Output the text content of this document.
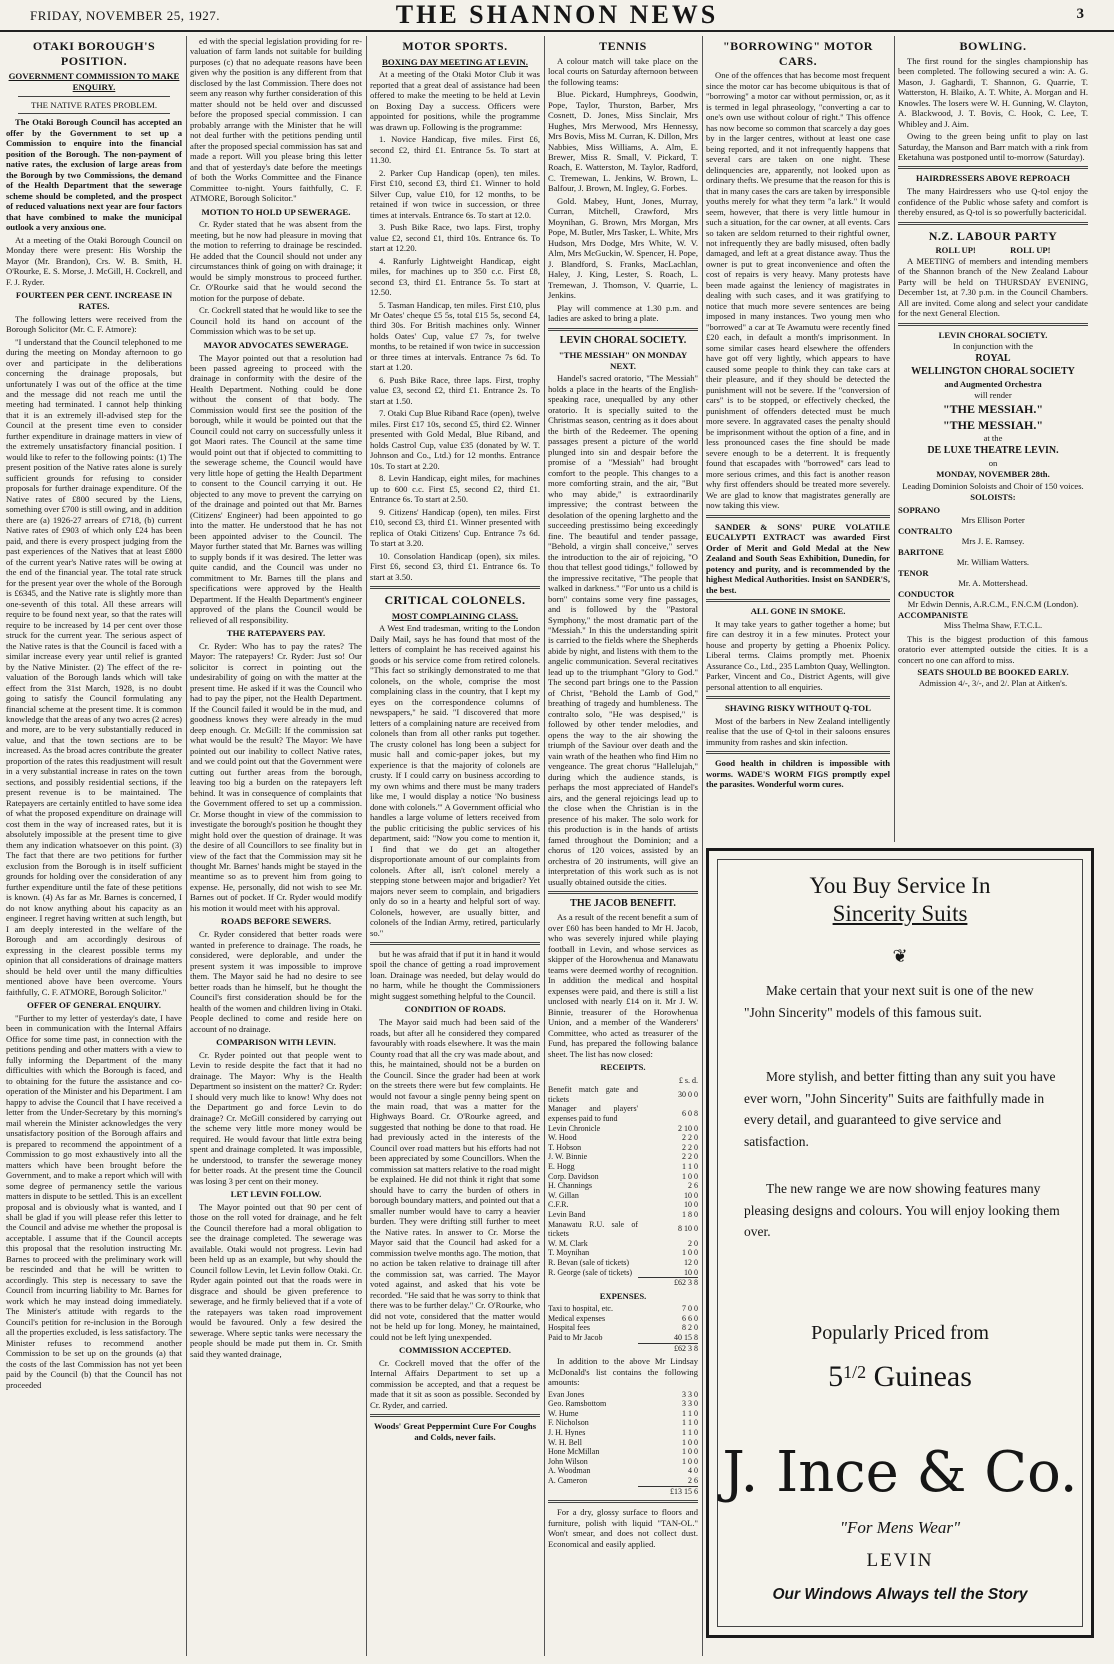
FRIDAY, NOVEMBER 25, 1927.	THE SHANNON NEWS	3
OTAKI BOROUGH'S POSITION.
GOVERNMENT COMMISSION TO MAKE ENQUIRY.
THE NATIVE RATES PROBLEM.

The Otaki Borough Council has accepted an offer by the Government to set up a Commission to enquire into the financial position of the Borough. The non-payment of native rates, the exclusion of large areas from the Borough by two Commissions, the demand of the Health Department that the sewerage scheme should be completed, and the prospect of reduced valuations next year are four factors that have combined to make the municipal outlook a very anxious one.

At a meeting of the Otaki Borough Council on Monday there were present: His Worship the Mayor (Mr. Brandon), Crs. W. B. Smith, H. O'Rourke, E. S. Morse, J. McGill, H. Cockrell, and F. J. Ryder.

FOURTEEN PER CENT. INCREASE IN RATES.

The following letters were received from the Borough Solicitor (Mr. C. F. Atmore):

"I understand that the Council telephoned to me during the meeting on Monday afternoon to go over and participate in the deliberations concerning the drainage proposals, but unfortunately I was out of the office at the time and the message did not reach me until the meeting had terminated. I cannot help thinking that it is an extremely ill-advised step for the Council at the present time even to consider further expenditure in drainage matters in view of the extremely unsatisfactory financial position. I would like to refer to the following points: (1) The present position of the Native rates alone is surely sufficient grounds for refusing to consider proposals for further drainage expenditure. Of the Native rates of £800 secured by the Liens, something over £700 is still owing, and in addition there are (a) 1926-27 arrears of £718, (b) current Native rates of £903 of which only £24 has been paid, and there is every prospect judging from the past experiences of the Natives that at least £800 of the current year's Native rates will be owing at the end of the financial year. The total rate struck for the present year over the whole of the Borough is £6345, and the Native rate is slightly more than one-seventh of this total. All these arrears will require to be found next year, so that the rates will require to be increased by 14 per cent over those struck for the current year. The serious aspect of the Native rates is that the Council is faced with a similar increase every year until relief is granted by the Native Minister. (2) The effect of the re-valuation of the Borough lands which will take effect from the 31st March, 1928, is no doubt going to satisfy the Council formulating any financial scheme at the present time. It is common knowledge that the areas of any two acres (2 acres) and more, are to be very substantially reduced in value, and that the town sections are to be increased. As the broad acres contribute the greater proportion of the rates this readjustment will result in a very substantial increase in rates on the town sections, and possibly residential sections, if the present revenue is to be maintained. The Ratepayers are certainly entitled to have some idea of what the proposed expenditure on drainage will cost them in the way of increased rates, but it is absolutely impossible at the present time to give them any indication whatsoever on this point. (3) The fact that there are two petitions for further exclusion from the Borough is in itself sufficient grounds for holding over the consideration of any further expenditure until the fate of these petitions is known. (4) As far as Mr. Barnes is concerned, I do not know anything about his capacity as an engineer. I regret having written at such length, but I am deeply interested in the welfare of the Borough and am accordingly desirous of expressing in the clearest possible terms my opinion that all considerations of drainage matters should be held over until the many difficulties mentioned above have been overcome. Yours faithfully, C. F. ATMORE, Borough Solicitor."

OFFER OF GENERAL ENQUIRY.

"Further to my letter of yesterday's date, I have been in communication with the Internal Affairs Office for some time past, in connection with the petitions pending and other matters with a view to fully informing the Department of the many difficulties with which the Borough is faced, and to obtaining for the future the assistance and co-operation of the Minister and his Department. I am happy to advise the Council that I have received a letter from the Under-Secretary by this morning's mail wherein the Minister acknowledges the very unsatisfactory position of the Borough affairs and is prepared to recommend the appointment of a Commission to go most exhaustively into all the matters which have been brought before the Government, and to make a report which will with some degree of permanency settle the various matters in dispute to be settled. This is an excellent proposal and is obviously what is wanted, and I shall be glad if you will please refer this letter to the Council and advise me whether the proposal is acceptable. I assume that if the Council accepts this proposal that the resolution instructing Mr. Barnes to proceed with the preliminary work will be rescinded and that he will be written to accordingly. This step is necessary to save the Council from incurring liability to Mr. Barnes for work which he may instead doing immediately. The Minister's attitude with regards to the Council's petition for re-inclusion in the Borough all the properties excluded, is less satisfactory. The Minister refuses to recommend another Commission to be set up on the grounds (a) that the costs of the last Commission has not yet been paid by the Council (b) that the Council has not proceeded

ed with the special legislation providing for re-valuation of farm lands not suitable for building purposes (c) that no adequate reasons have been given why the position is any different from that disclosed by the last Commission. There does not seem any reason why further consideration of this matter should not be held over and discussed before the proposed special commission. I can probably arrange with the Minister that he will not deal further with the petitions pending until after the proposed special commission has sat and made a report. Will you please bring this letter and that of yesterday's date before the meetings of both the Works Committee and the Finance Committee to-night. Yours faithfully, C. F. ATMORE, Borough Solicitor."

MOTION TO HOLD UP SEWERAGE.

Cr. Ryder stated that he was absent from the meeting, but he now had pleasure in moving that the motion to referring to drainage be rescinded. He added that the Council should not under any circumstances think of going on with drainage; it would be simply monstrous to proceed further. Cr. O'Rourke said that he would second the motion for the purpose of debate.

Cr. Cockrell stated that he would like to see the Council hold its hand on account of the Commission which was to be set up.

MAYOR ADVOCATES SEWERAGE.

The Mayor pointed out that a resolution had been passed agreeing to proceed with the drainage in conformity with the desire of the Health Department. Nothing could be done without the consent of that body. The Commission would first see the position of the borough, while it would be pointed out that the Council could not carry on successfully unless it got Maori rates. The Council at the same time would point out that if objected to committing to the sewerage scheme, the Council would have very little hope of getting the Health Department to consent to the Council carrying it out. He objected to any move to prevent the carrying on of the drainage and pointed out that Mr. Barnes (Citizens' Engineer) had been appointed to go into the matter. He understood that he has not been appointed adviser to the Council. The Mayor further stated that Mr. Barnes was willing to supply bonds if it was desired. The letter was quite candid, and the Council was under no commitment to Mr. Barnes till the plans and specifications were approved by the Health Department. If the Health Department's engineer approved of the plans the Council would be relieved of all responsibility.

THE RATEPAYERS PAY.

Cr. Ryder: Who has to pay the rates? The Mayor: The ratepayers! Cr. Ryder: Just so! Our solicitor is correct in pointing out the undesirability of going on with the matter at the present time. He asked if it was the Council who had to pay the piper, not the Health Department. If the Council failed it would be in the mud, and goodness knows they were already in the mud deep enough. Cr. McGill: If the commission sat what would be the result? The Mayor: We have pointed out our inability to collect Native rates, and we could point out that the Government were cutting out further areas from the borough, leaving too big a burden on the ratepayers left behind. It was in consequence of complaints that the Government offered to set up a commission. Cr. Morse thought in view of the commission to investigate the borough's position he thought they might hold over the question of drainage. It was the desire of all Councillors to see finality but in view of the fact that the Commission may sit he thought Mr. Barnes' hands might be stayed in the meantime so as to prevent him from going to expense. He, personally, did not wish to see Mr. Barnes out of pocket. If Cr. Ryder would modify his motion it would meet with his approval.

ROADS BEFORE SEWERS.

Cr. Ryder considered that better roads were wanted in preference to drainage. The roads, he considered, were deplorable, and under the present system it was impossible to improve them. The Mayor said he had no desire to see better roads than he himself, but he thought the Council's first consideration should be for the health of the women and children living in Otaki. People declined to come and reside here on account of no drainage.

COMPARISON WITH LEVIN.

Cr. Ryder pointed out that people went to Levin to reside despite the fact that it had no drainage. The Mayor: Why is the Health Department so insistent on the matter? Cr. Ryder: I should very much like to know! Why does not the Department go and force Levin to do drainage? Cr. McGill considered by carrying out the scheme very little more money would be required. He would favour that little extra being spent and drainage completed. It was impossible, he understood, to transfer the sewerage money for better roads. At the present time the Council was losing 3 per cent on their money.

LET LEVIN FOLLOW.

The Mayor pointed out that 90 per cent of those on the roll voted for drainage, and he felt the Council therefore had a moral obligation to see the drainage completed. The sewerage was available. Otaki would not progress. Levin had been held up as an example, but why should the Council follow Levin, let Levin follow Otaki. Cr. Ryder again pointed out that the roads were in disgrace and should be given preference to sewerage, and he firmly believed that if a vote of the ratepayers was taken road improvement would be favoured. Only a few desired the sewerage. Where septic tanks were necessary the people should be made put them in. Cr. Smith said they wanted drainage,

MOTOR SPORTS.
BOXING DAY MEETING AT LEVIN.

At a meeting of the Otaki Motor Club it was reported that a great deal of assistance had been offered to make the meeting to be held at Levin on Boxing Day a success. Officers were appointed for positions, while the programme was drawn up. Following is the programme:

1. Novice Handicap, five miles. First £6, second £2, third £1. Entrance 5s. To start at 11.30.

2. Parker Cup Handicap (open), ten miles. First £10, second £3, third £1. Winner to hold Silver Cup, value £10, for 12 months, to be retained if won twice in succession, or three times at intervals. Entrance 6s. To start at 12.0.

3. Push Bike Race, two laps. First, trophy value £2, second £1, third 10s. Entrance 6s. To start at 12.20.

4. Ranfurly Lightweight Handicap, eight miles, for machines up to 350 c.c. First £8, second £3, third £1. Entrance 5s. To start at 12.50.

5. Tasman Handicap, ten miles. First £10, plus Mr Oates' cheque £5 5s, total £15 5s, second £4, third 30s. For British machines only. Winner holds Oates' Cup, value £7 7s, for twelve months, to be retained if won twice in succession or three times at intervals. Entrance 7s 6d. To start at 1.20.

6. Push Bike Race, three laps. First, trophy value £3, second £2, third £1. Entrance 2s. To start at 1.50.

7. Otaki Cup Blue Riband Race (open), twelve miles. First £17 10s, second £5, third £2. Winner presented with Gold Medal, Blue Riband, and holds Castrol Cup, value £35 (donated by W. T. Johnson and Co., Ltd.) for 12 months. Entrance 10s. To start at 2.20.

8. Levin Handicap, eight miles, for machines up to 600 c.c. First £5, second £2, third £1. Entrance 6s. To start at 2.50.

9. Citizens' Handicap (open), ten miles. First £10, second £3, third £1. Winner presented with replica of Otaki Citizens' Cup. Entrance 7s 6d. To start at 3.20.

10. Consolation Handicap (open), six miles. First £6, second £3, third £1. Entrance 6s. To start at 3.50.

CRITICAL COLONELS.
MOST COMPLAINING CLASS.

A West End tradesman, writing to the London Daily Mail, says he has found that most of the letters of complaint he has received against his goods or his service come from retired colonels. "This fact so strikingly demonstrated to me that colonels, on the whole, comprise the most complaining class in the country, that I kept my eyes on the correspondence columns of newspapers," he said. "I discovered that more letters of a complaining nature are received from colonels than from all other ranks put together. The crusty colonel has long been a subject for music hall and comic-paper jokes, but my experience is that the majority of colonels are crusty. If I could carry on business according to my own whims and there must be many traders like me, I would display a notice 'No business done with colonels.'" A Government official who handles a large volume of letters received from the public criticising the public services of his department, said: "Now you come to mention it, I find that we do get an altogether disproportionate amount of our complaints from colonels. After all, isn't colonel merely a stepping stone between major and brigadier? Yet majors never seem to complain, and brigadiers only do so in a hearty and helpful sort of way. Colonels, however, are usually bitter, and colonels of the Indian Army, retired, particularly so."

but he was afraid that if put it in hand it would spoil the chance of getting a road improvement loan. Drainage was needed, but delay would do no harm, while he thought the Commissioners might suggest something helpful to the Council.

CONDITION OF ROADS.

The Mayor said much had been said of the roads, but after all he considered they compared favourably with roads elsewhere. It was the main County road that all the cry was made about, and this, he maintained, should not be a burden on the Council. Since the grader had been at work on the streets there were but few complaints. He would not favour a single penny being spent on the main road, that was a matter for the Highways Board. Cr. O'Rourke agreed, and suggested that nothing be done to that road. He had previously acted in the interests of the Council over road matters but his efforts had not been appreciated by some Councillors. When the commission sat matters relative to the road might be explained. He did not think it right that some should have to carry the burden of others in borough boundary matters, and pointed out that a smaller number would have to carry a heavier burden. They were drifting still further to meet the Native rates. In answer to Cr. Morse the Mayor said that the Council had asked for a commission twelve months ago. The motion, that no action be taken relative to drainage till after the commission sat, was carried. The Mayor voted against, and asked that his vote be recorded. "He said that he was sorry to think that there was to be further delay." Cr. O'Rourke, who did not vote, considered that the matter would not be held up for long. Money, he maintained, could not be left lying unexpended.

COMMISSION ACCEPTED.

Cr. Cockrell moved that the offer of the Internal Affairs Department to set up a commission be accepted, and that a request be made that it sit as soon as possible. Seconded by Cr. Ryder, and carried.

Woods' Great Peppermint Cure For Coughs and Colds, never fails.

TENNIS

A colour match will take place on the local courts on Saturday afternoon between the following teams:

Blue. Pickard, Humphreys, Goodwin, Pope, Taylor, Thurston, Barber, Mrs Cosnett, D. Jones, Miss Sinclair, Mrs Hughes, Mrs Merwood, Mrs Hennessy, Mrs Bovis, Miss M. Curran, K. Dillon, Mrs Nabbies, Miss Williams, A. Alm, E. Brewer, Miss R. Small, V. Pickard, T. Roach, E. Watterston, M. Taylor, Radford, C. Tremewan, L. Jenkins, W. Brown, L. Balfour, J. Brown, M. Ingley, G. Forbes.

Gold. Mabey, Hunt, Jones, Murray, Curran, Mitchell, Crawford, Mrs Moynihan, G. Brown, Mrs Morgan, Mrs Pope, M. Butler, Mrs Tasker, L. White, Mrs Hudson, Mrs Dodge, Mrs White, W. V. Alm, Mrs McGuckin, W. Spencer, H. Pope, J. Blandford, S. Franks, MacLachlan, Haley, J. King, Lester, S. Roach, L. Tremewan, J. Thomson, V. Quarrie, L. Jenkins.

Play will commence at 1.30 p.m. and ladies are asked to bring a plate.

LEVIN CHORAL SOCIETY.
"THE MESSIAH" ON MONDAY NEXT.

Handel's sacred oratorio, "The Messiah" holds a place in the hearts of the English-speaking race, unequalled by any other oratorio. It is specially suited to the Christmas season, centring as it does about the birth of the Redeemer. The opening passages present a picture of the world plunged into sin and despair before the promise of a "Messiah" had brought comfort to the people. This changes to a more comforting strain, and the air, "But who may abide," is extraordinarily impressive; the contrast between the desolation of the opening larghetto and the succeeding prestissimo being exceedingly fine. The beautiful and tender passage, "Behold, a virgin shall conceive," serves the introduction to the air of rejoicing, "O thou that tellest good tidings," followed by the impressive recitative, "The people that walked in darkness." "For unto us a child is born" contains some very fine passages, and is followed by the "Pastoral Symphony," the most dramatic part of the "Messiah." In this the understanding spirit is carried to the fields where the Shepherds abide by night, and listens with them to the angelic communication. Several recitatives lead up to the triumphant "Glory to God." The second part brings one to the Passion of Christ, "Behold the Lamb of God," breathing of tragedy and humbleness. The contralto solo, "He was despised," is followed by other tender melodies, and opens the way to the air showing the triumph of the Saviour over death and the vain wrath of the heathen who find Him no vengeance. The great chorus "Hallelujah," during which the audience stands, is perhaps the most appreciated of Handel's airs, and the general rejoicings lead up to the close when the Christian is in the presence of his maker. The solo work for this production is in the hands of artists famed throughout the Dominion; and a chorus of 120 voices, assisted by an orchestra of 20 instruments, will give an interpretation of this work such as is not usually obtained outside the cities.

THE JACOB BENEFIT.

As a result of the recent benefit a sum of over £60 has been handed to Mr H. Jacob, who was severely injured while playing football in Levin, and whose services as skipper of the Horowhenua and Manawatu teams were deemed worthy of recognition. In addition the medical and hospital expenses were paid, and there is still a list unclosed with nearly £14 on it. Mr J. W. Binnie, treasurer of the Horowhenua Union, and a member of the Wanderers' Committee, who acted as treasurer of the Fund, has prepared the following balance sheet. The list has now closed:

RECEIPTS.
£ s. d.
Benefit match gate and tickets	30 0 0
Manager and players' expenses paid to fund	6 0 8
Levin Chronicle	2 10 0
W. Hood	2 2 0
T. Hobson	2 2 0
J. W. Binnie	2 2 0
E. Hogg	1 1 0
Corp. Davidson	1 0 0
H. Channings	2 6
W. Gillan	10 0
C.F.R.	10 0
Levin Band	1 8 0
Manawatu R.U. sale of tickets	8 10 0
W. M. Clark	2 0
T. Moynihan	1 0 0
R. Bevan (sale of tickets)	12 0
R. George (sale of tickets)	10 0
	£62 3 8
EXPENSES.
Taxi to hospital, etc.	7 0 0
Medical expenses	6 6 0
Hospital fees	8 2 0
Paid to Mr Jacob	40 15 8
	£62 3 8

In addition to the above Mr Lindsay McDonald's list contains the following amounts:

Evan Jones	3 3 0
Geo. Ramsbottom	3 3 0
W. Hume	1 1 0
F. Nicholson	1 1 0
J. H. Hynes	1 1 0
W. H. Bell	1 0 0
Hone McMillan	1 0 0
John Wilson	1 0 0
A. Woodman	4 0
A. Cameron	2 6
	£13 15 6

For a dry, glossy surface to floors and furniture, polish with liquid "TAN-OL." Won't smear, and does not collect dust. Economical and easily applied.

"BORROWING" MOTOR CARS.

One of the offences that has become most frequent since the motor car has become ubiquitous is that of "borrowing" a motor car without permission, or, as it is termed in legal phraseology, "converting a car to one's own use without colour of right." This offence has now become so common that scarcely a day goes by in the larger centres, without at least one case being reported, and it not infrequently happens that several cars are taken on one night. These delinquencies are, apparently, not looked upon as ordinary thefts. We presume that the reason for this is that in many cases the cars are taken by irresponsible youths merely for what they term "a lark." It would seem, however, that there is very little humour in such a situation, for the car owner, at all events. Cars so taken are seldom returned to their rightful owner, not infrequently they are badly misused, often badly damaged, and left at a great distance away. Thus the owner is put to great inconvenience and often the cost of repairs is very heavy. Many protests have been made against the leniency of magistrates in dealing with such cases, and it was gratifying to notice that much more severe sentences are being imposed in many instances. Two young men who "borrowed" a car at Te Awamutu were recently fined £20 each, in default a month's imprisonment. In some similar cases heard elsewhere the offenders have got off very lightly, which appears to have caused some people to think they can take cars at their pleasure, and if they should be detected the punishment will not be severe. If the "conversion of cars" is to be stopped, or effectively checked, the punishment of offenders detected must be much more severe. In aggravated cases the penalty should be imprisonment without the option of a fine, and in less pronounced cases the fine should be made severe enough to be a deterrent. It is frequently found that escapades with "borrowed" cars lead to more serious crimes, and this fact is another reason why first offenders should be treated more severely. We are glad to know that magistrates generally are now taking this view.

SANDER & SONS' PURE VOLATILE EUCALYPTI EXTRACT was awarded First Order of Merit and Gold Medal at the New Zealand and South Seas Exhibition, Dunedin, for potency and purity, and is recommended by the highest Medical Authorities. Insist on SANDER'S, the best.

ALL GONE IN SMOKE.

It may take years to gather together a home; but fire can destroy it in a few minutes. Protect your house and property by getting a Phoenix Policy. Liberal terms. Claims promptly met. Phoenix Assurance Co., Ltd., 235 Lambton Quay, Wellington. Parker, Vincent and Co., District Agents, will give personal attention to all enquiries.

SHAVING RISKY WITHOUT Q-TOL

Most of the barbers in New Zealand intelligently realise that the use of Q-tol in their saloons ensures immunity from rashes and skin infection.

Good health in children is impossible with worms. WADE'S WORM FIGS promptly expel the parasites. Wonderful worm cures.

BOWLING.

The first round for the singles championship has been completed. The following secured a win: A. G. Mason, J. Gaghardi, T. Shannon, G. Quarrie, T. Watterston, H. Blaiko, A. T. White, A. Morgan and H. Knowles. The losers were W. H. Gunning, W. Clayton, A. Blackwood, J. T. Bovis, C. Hook, C. Lee, T. Whibley and J. Aim.

Owing to the green being unfit to play on last Saturday, the Manson and Barr match with a rink from Eketahuna was postponed until to-morrow (Saturday).

HAIRDRESSERS ABOVE REPROACH

The many Hairdressers who use Q-tol enjoy the confidence of the Public whose safety and comfort is thereby ensured, as Q-tol is so powerfully bactericidal.

N.Z. LABOUR PARTY
ROLL UP!                ROLL UP!

A MEETING of members and intending members of the Shannon branch of the New Zealand Labour Party will be held on THURSDAY EVENING, December 1st, at 7.30 p.m. in the Council Chambers. All are invited. Come along and select your candidate for the next General Election.

LEVIN CHORAL SOCIETY.
In conjunction with the
ROYAL
WELLINGTON CHORAL SOCIETY
and Augmented Orchestra
will render
"THE MESSIAH."
"THE MESSIAH."
at the
DE LUXE THEATRE LEVIN.
on
MONDAY, NOVEMBER 28th.
Leading Dominion Soloists and Choir of 150 voices.
SOLOISTS:
SOPRANO
Mrs Ellison Porter
CONTRALTO
Mrs J. E. Ramsey.
BARITONE
Mr. William Watters.
TENOR
Mr. A. Mottershead.
CONDUCTOR
Mr Edwin Dennis, A.R.C.M., F.N.C.M (London).
ACCOMPANISTE
Miss Thelma Shaw, F.T.C.L.

This is the biggest production of this famous oratorio ever attempted outside the cities. It is a concert no one can afford to miss.

SEATS SHOULD BE BOOKED EARLY.
Admission 4/-, 3/-, and 2/. Plan at Aitken's.
You Buy Service In
Sincerity Suits
❦
Make certain that your next suit is one of the new "John Sincerity" models of this famous suit.
More stylish, and better fitting than any suit you have ever worn, "John Sincerity" Suits are faithfully made in every detail, and guaranteed to give service and satisfaction.
The new range we are now showing features many pleasing designs and colours. You will enjoy looking them over.
Popularly Priced from
$5^{1/2}$ Guineas
J. Ince & Co.
"For Mens Wear"
LEVIN
Our Windows Always tell the Story
